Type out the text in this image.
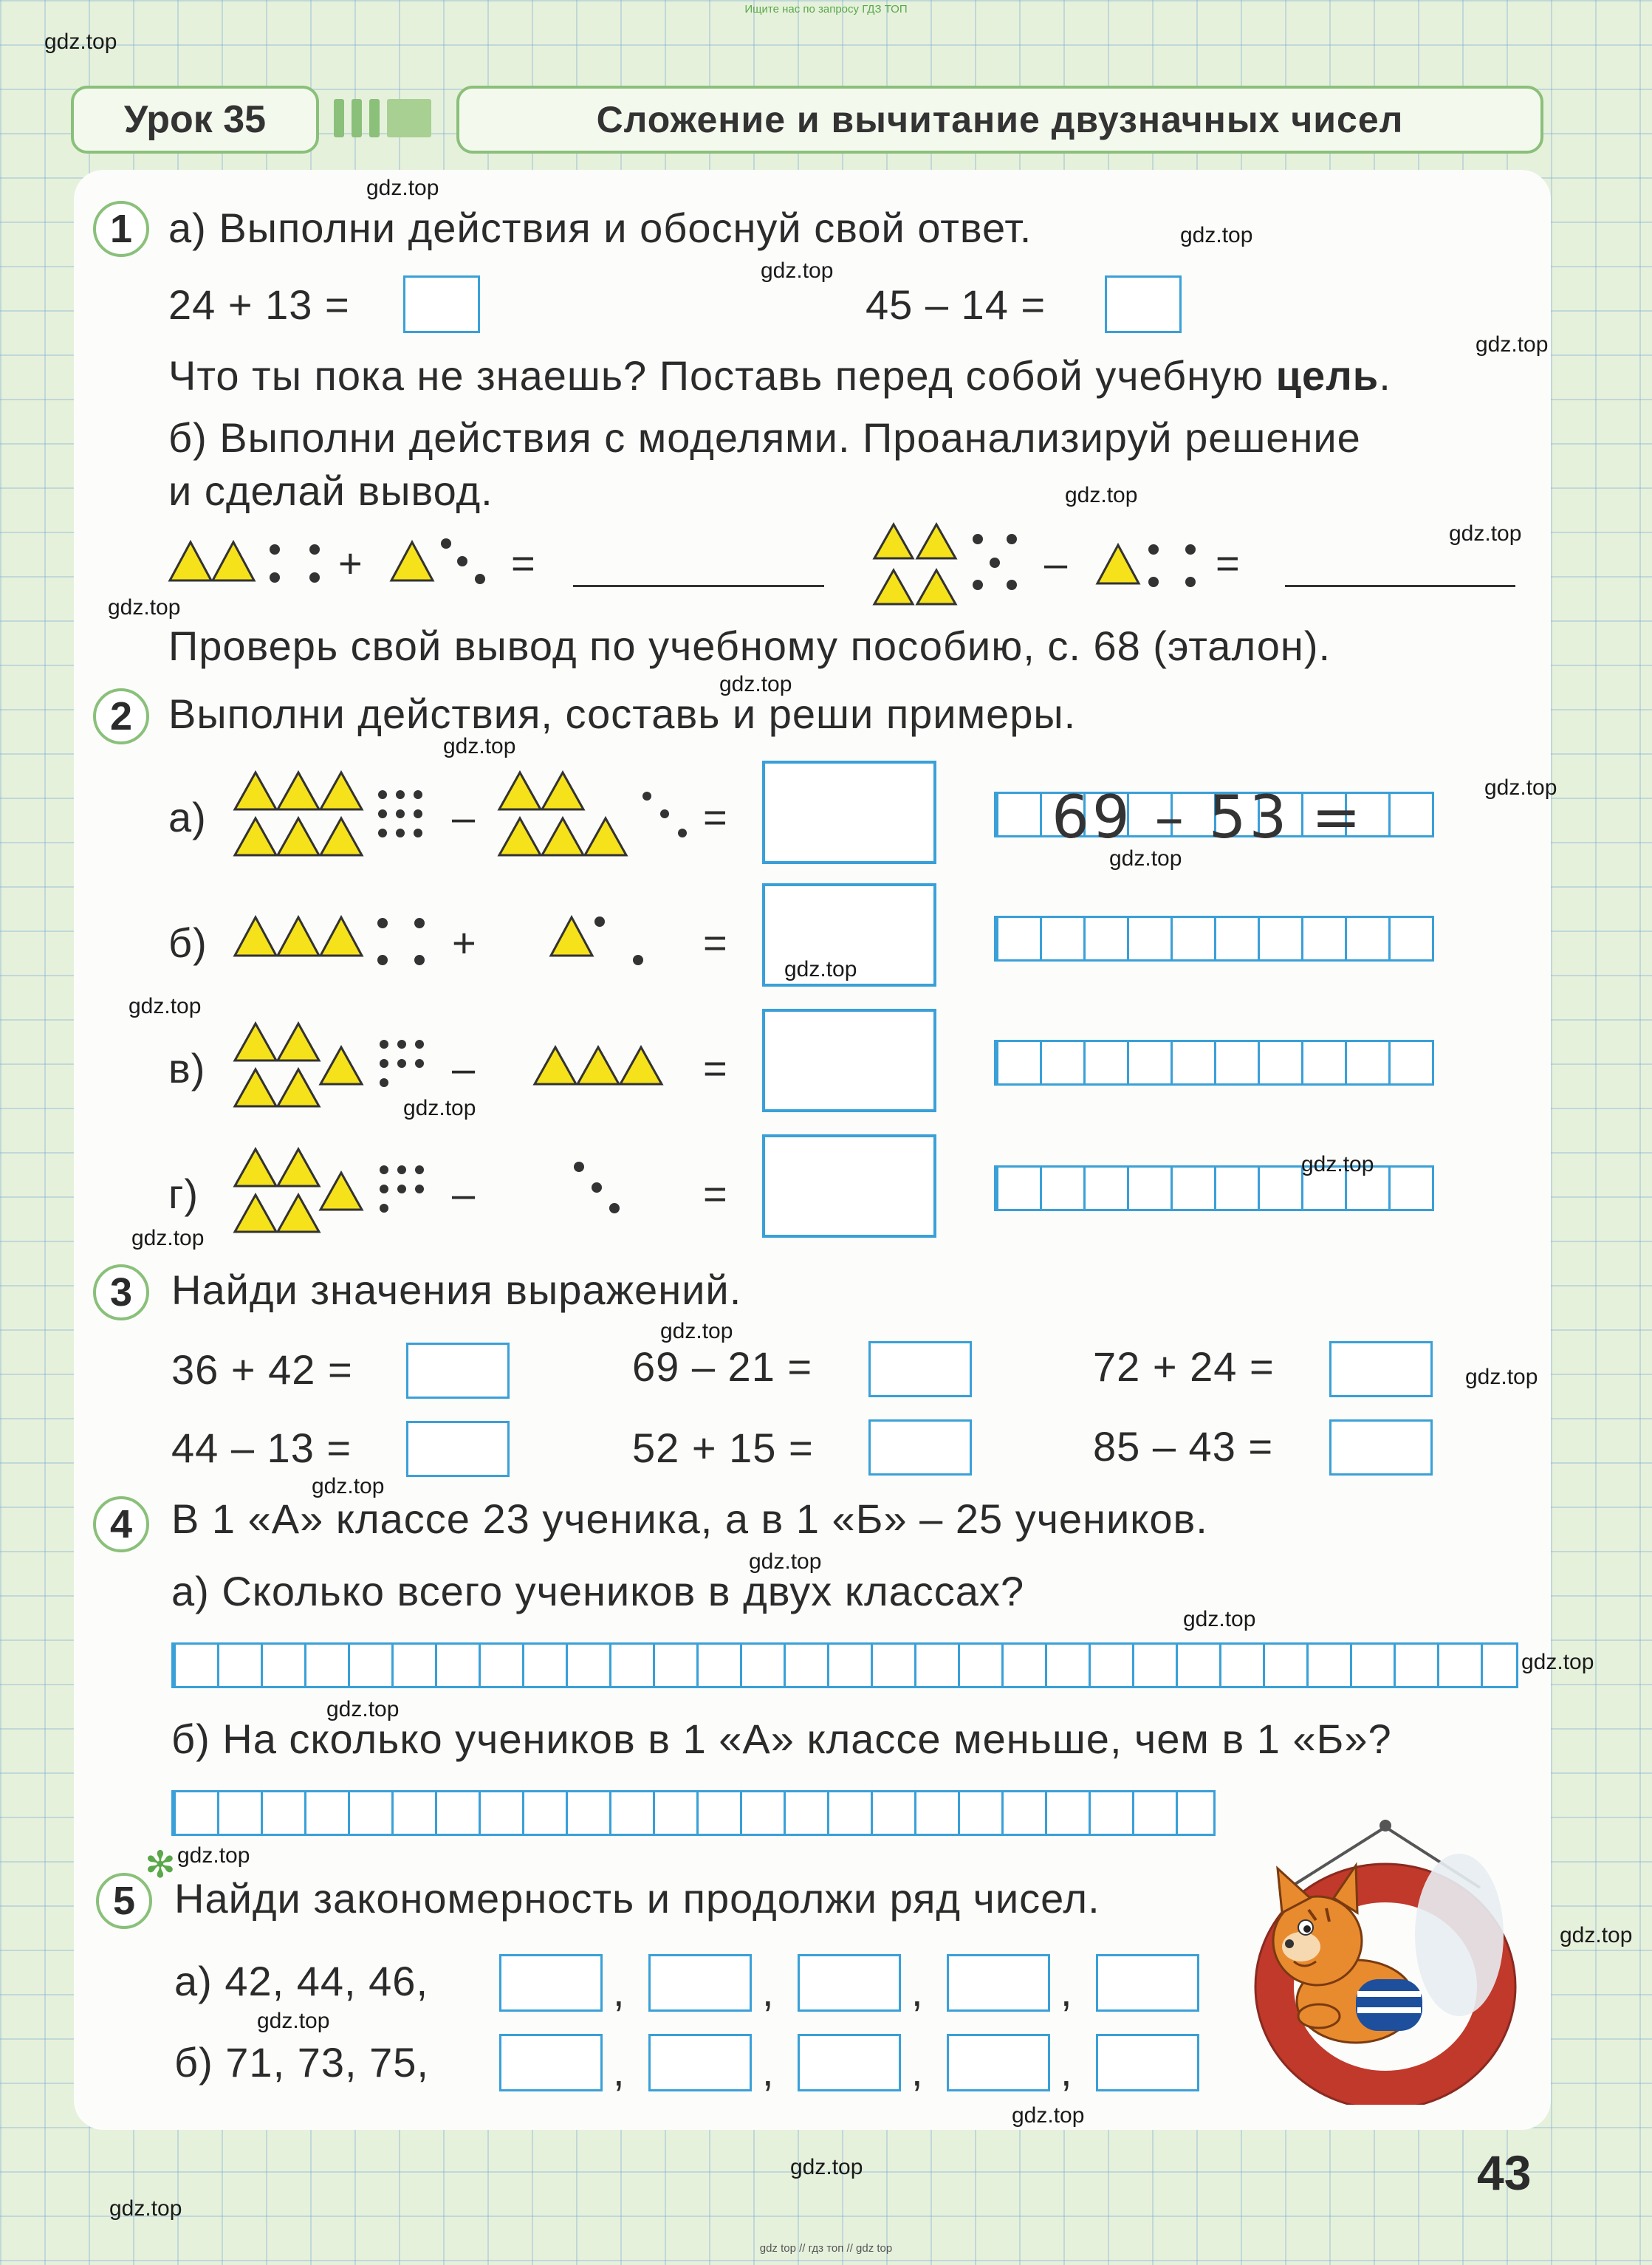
Ищите нас по запросу ГДЗ ТОП
Урок 35	Сложение и вычитание двузначных чисел
1 а) Выполни действия и обоснуй свой ответ.
24 + 13 =	45 – 14 =
Что ты пока не знаешь? Поставь перед собой учебную цель.
б) Выполни действия с моделями. Проанализируй решение
и сделай вывод.
+	=	–	=
Проверь свой вывод по учебному пособию, с. 68 (эталон).
2 Выполни действия, составь и реши примеры.
а)	–	=	69 – 53 =
б)	+	=
в)	–	=
г)	–	=
3 Найди значения выражений.
36 + 42 =	69 – 21 =	72 + 24 =
44 – 13 =	52 + 15 =	85 – 43 =
4 В 1 «А» классе 23 ученика, а в 1 «Б» – 25 учеников.
а) Сколько всего учеников в двух классах?
б) На сколько учеников в 1 «А» классе меньше, чем в 1 «Б»?
✻
5 Найди закономерность и продолжи ряд чисел.
а) 42, 44, 46,	,	,	,	,
б) 71, 73, 75,	,	,	,	,
43
gdz.top
gdz.top
gdz.top
gdz.top
gdz.top
gdz.top
gdz.top
gdz.top
gdz.top
gdz.top
gdz.top
gdz.top
gdz.top
gdz.top
gdz.top
gdz.top
gdz.top
gdz.top
gdz.top
gdz.top
gdz.top
gdz.top
gdz.top
gdz.top
gdz.top
gdz.top
gdz.top
gdz.top
gdz.top
gdz.top
gdz top // гдз топ // gdz top
